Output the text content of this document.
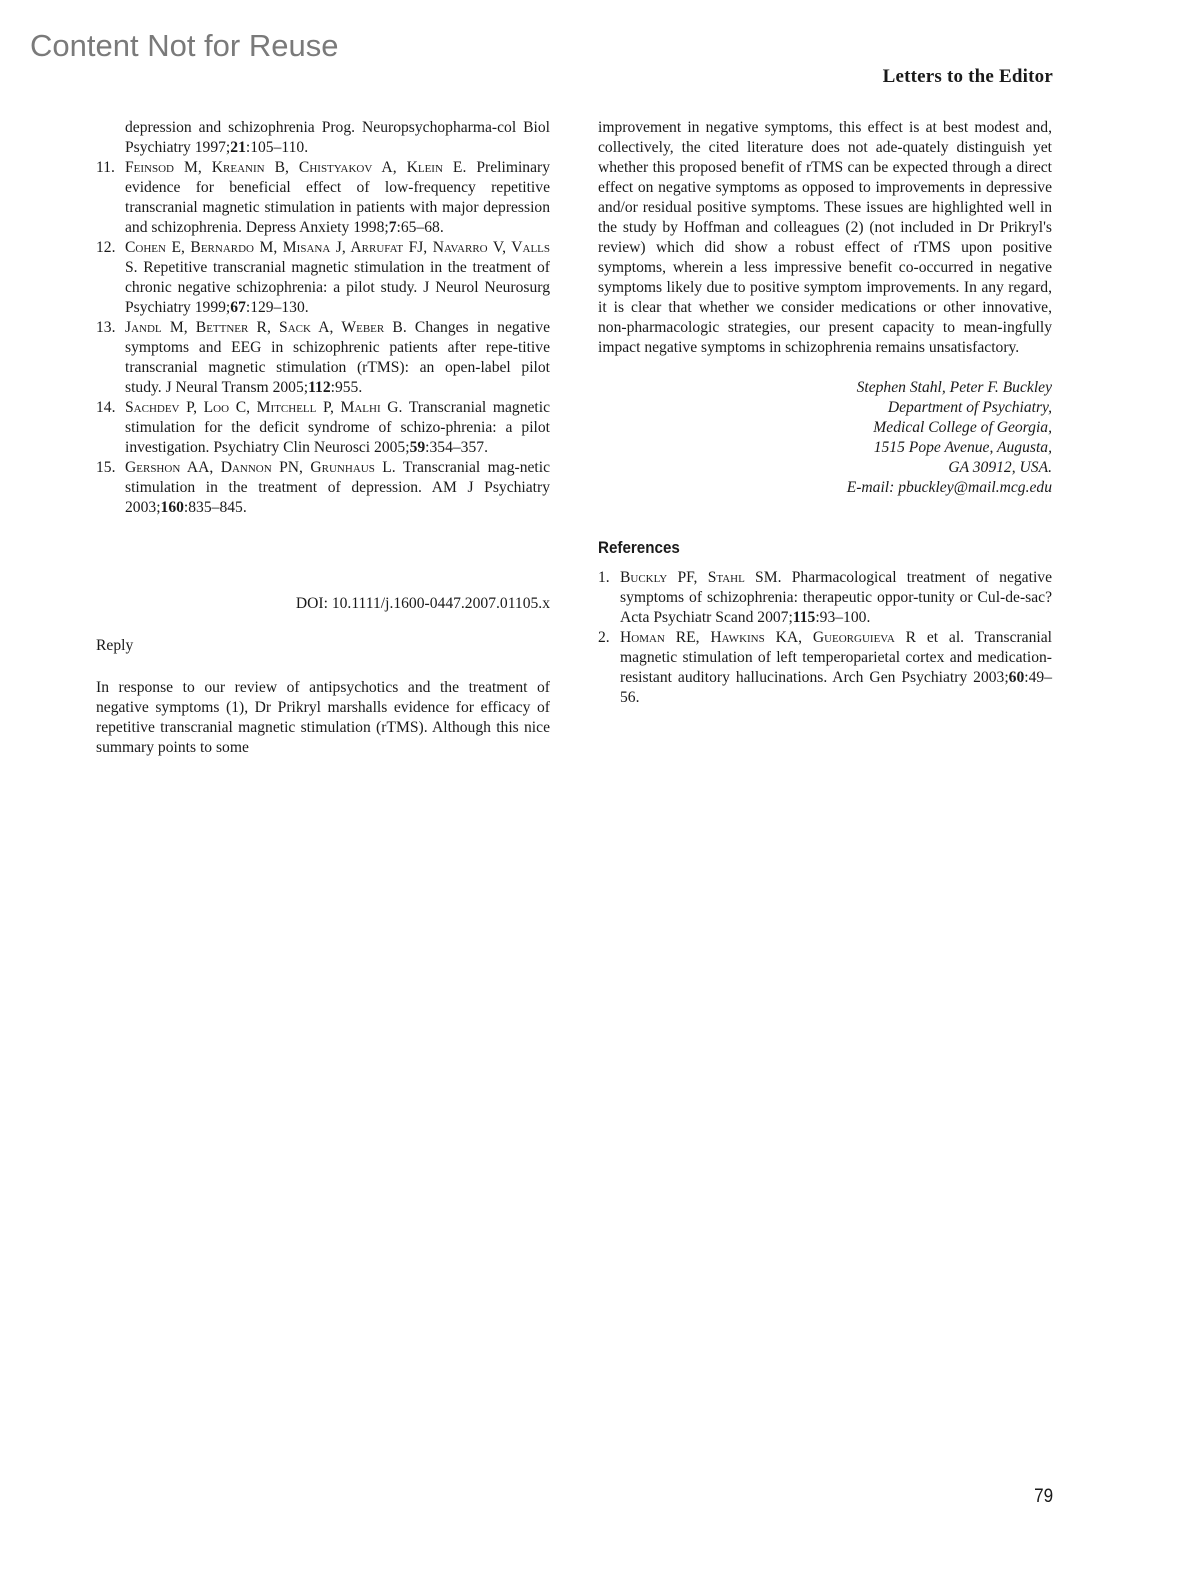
Content Not for Reuse
Letters to the Editor

depression and schizophrenia Prog. Neuropsychopharma-col Biol Psychiatry 1997;21:105–110.

11. Feinsod M, Kreanin B, Chistyakov A, Klein E. Preliminary evidence for beneficial effect of low-frequency repetitive transcranial magnetic stimulation in patients with major depression and schizophrenia. Depress Anxiety 1998;7:65–68.

12. Cohen E, Bernardo M, Misana J, Arrufat FJ, Navarro V, Valls S. Repetitive transcranial magnetic stimulation in the treatment of chronic negative schizophrenia: a pilot study. J Neurol Neurosurg Psychiatry 1999;67:129–130.

13. Jandl M, Bettner R, Sack A, Weber B. Changes in negative symptoms and EEG in schizophrenic patients after repe-titive transcranial magnetic stimulation (rTMS): an open-label pilot study. J Neural Transm 2005;112:955.

14. Sachdev P, Loo C, Mitchell P, Malhi G. Transcranial magnetic stimulation for the deficit syndrome of schizo-phrenia: a pilot investigation. Psychiatry Clin Neurosci 2005;59:354–357.

15. Gershon AA, Dannon PN, Grunhaus L. Transcranial mag-netic stimulation in the treatment of depression. AM J Psychiatry 2003;160:835–845.

DOI: 10.1111/j.1600-0447.2007.01105.x
Reply

In response to our review of antipsychotics and the treatment of negative symptoms (1), Dr Prikryl marshalls evidence for efficacy of repetitive transcranial magnetic stimulation (rTMS). Although this nice summary points to some

improvement in negative symptoms, this effect is at best modest and, collectively, the cited literature does not ade-quately distinguish yet whether this proposed benefit of rTMS can be expected through a direct effect on negative symptoms as opposed to improvements in depressive and/or residual positive symptoms. These issues are highlighted well in the study by Hoffman and colleagues (2) (not included in Dr Prikryl's review) which did show a robust effect of rTMS upon positive symptoms, wherein a less impressive benefit co-occurred in negative symptoms likely due to positive symptom improvements. In any regard, it is clear that whether we consider medications or other innovative, non-pharmacologic strategies, our present capacity to mean-ingfully impact negative symptoms in schizophrenia remains unsatisfactory.

Stephen Stahl, Peter F. Buckley
Department of Psychiatry,
Medical College of Georgia,
1515 Pope Avenue, Augusta,
GA 30912, USA.
E-mail: pbuckley@mail.mcg.edu
References

1. Buckly PF, Stahl SM. Pharmacological treatment of negative symptoms of schizophrenia: therapeutic oppor-tunity or Cul-de-sac? Acta Psychiatr Scand 2007;115:93–100.

2. Homan RE, Hawkins KA, Gueorguieva R et al. Transcranial magnetic stimulation of left temperoparietal cortex and medication-resistant auditory hallucinations. Arch Gen Psychiatry 2003;60:49–56.

79
